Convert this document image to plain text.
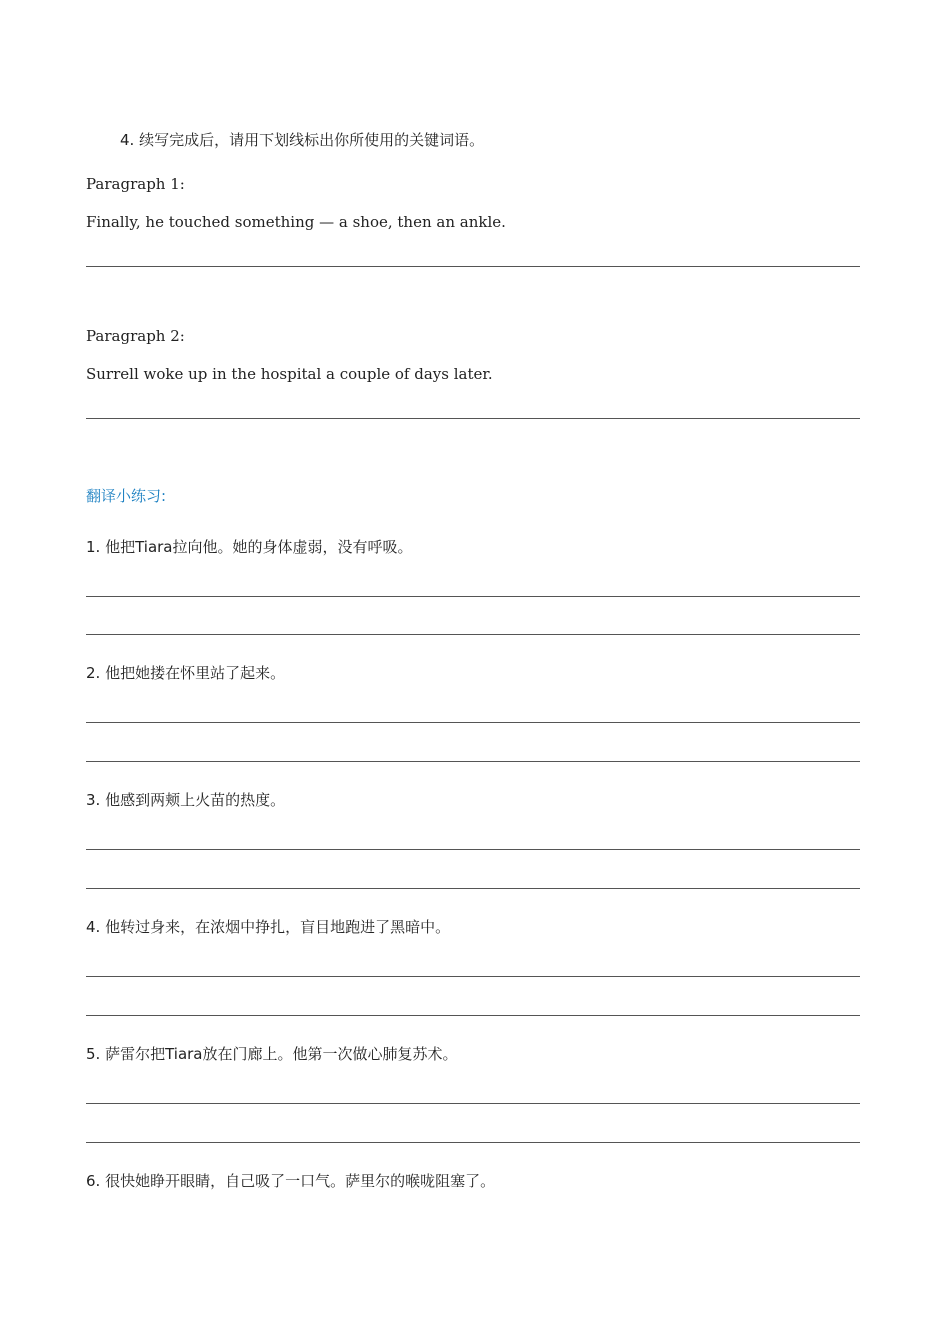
4. 续写完成后，请用下划线标出你所使用的关键词语。
Paragraph 1:
Finally, he touched something — a shoe, then an ankle.
Paragraph 2:
Surrell woke up in the hospital a couple of days later.
翻译小练习:
1. 他把Tiara拉向他。她的身体虚弱，没有呼吸。
2. 他把她搂在怀里站了起来。
3. 他感到两颊上火苗的热度。
4. 他转过身来，在浓烟中挣扎，盲目地跑进了黑暗中。
5. 萨雷尔把Tiara放在门廊上。他第一次做心肺复苏术。
6. 很快她睁开眼睛，自己吸了一口气。萨里尔的喉咙阻塞了。
